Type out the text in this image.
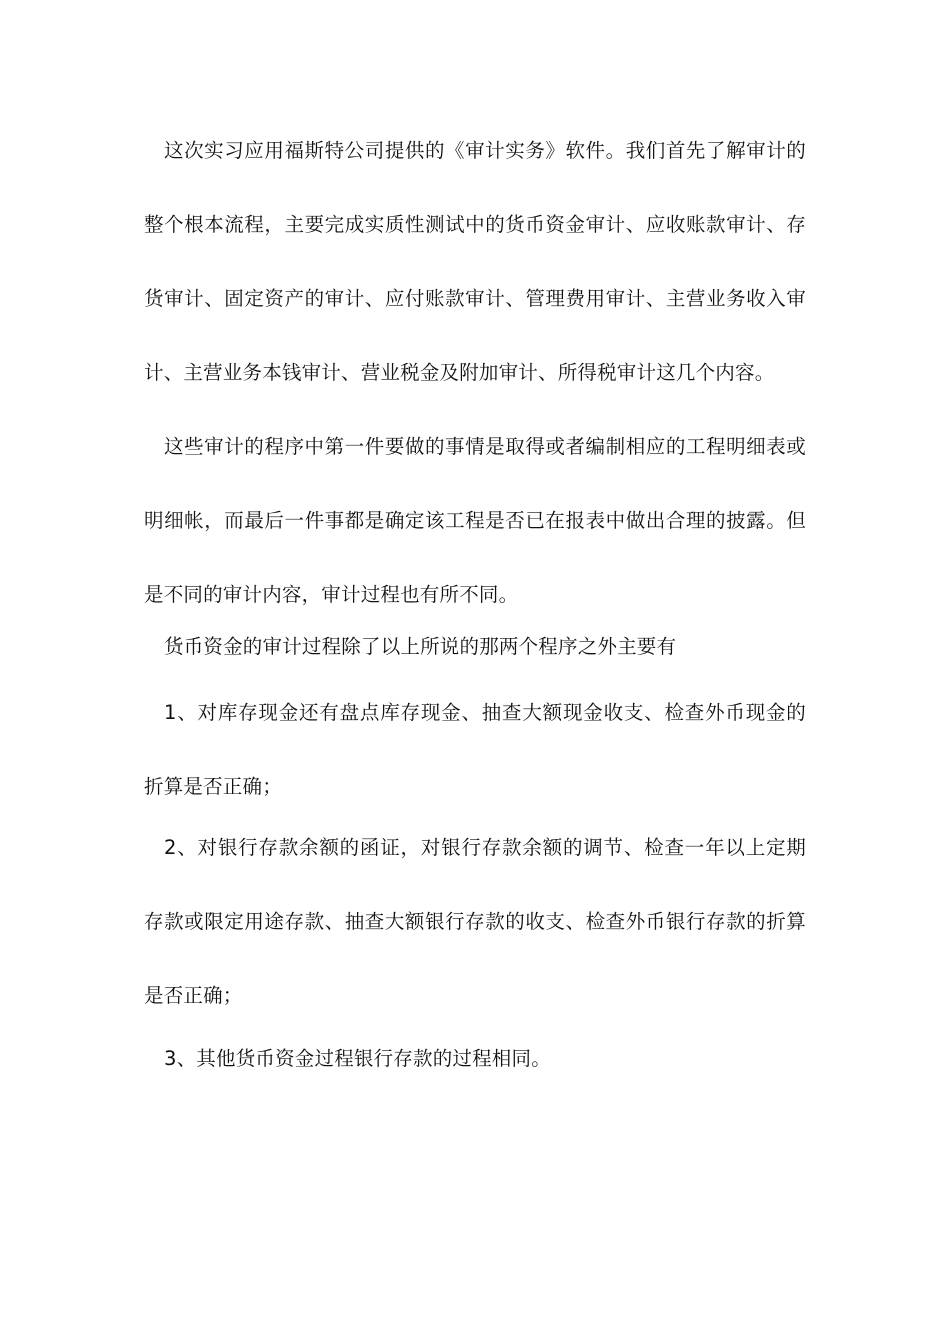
这次实习应用福斯特公司提供的《审计实务》软件。我们首先了解审计的整个根本流程，主要完成实质性测试中的货币资金审计、应收账款审计、存货审计、固定资产的审计、应付账款审计、管理费用审计、主营业务收入审计、主营业务本钱审计、营业税金及附加审计、所得税审计这几个内容。

这些审计的程序中第一件要做的事情是取得或者编制相应的工程明细表或明细帐，而最后一件事都是确定该工程是否已在报表中做出合理的披露。但是不同的审计内容，审计过程也有所不同。

货币资金的审计过程除了以上所说的那两个程序之外主要有

1、对库存现金还有盘点库存现金、抽查大额现金收支、检查外币现金的折算是否正确；

2、对银行存款余额的函证，对银行存款余额的调节、检查一年以上定期存款或限定用途存款、抽查大额银行存款的收支、检查外币银行存款的折算是否正确；

3、其他货币资金过程银行存款的过程相同。
